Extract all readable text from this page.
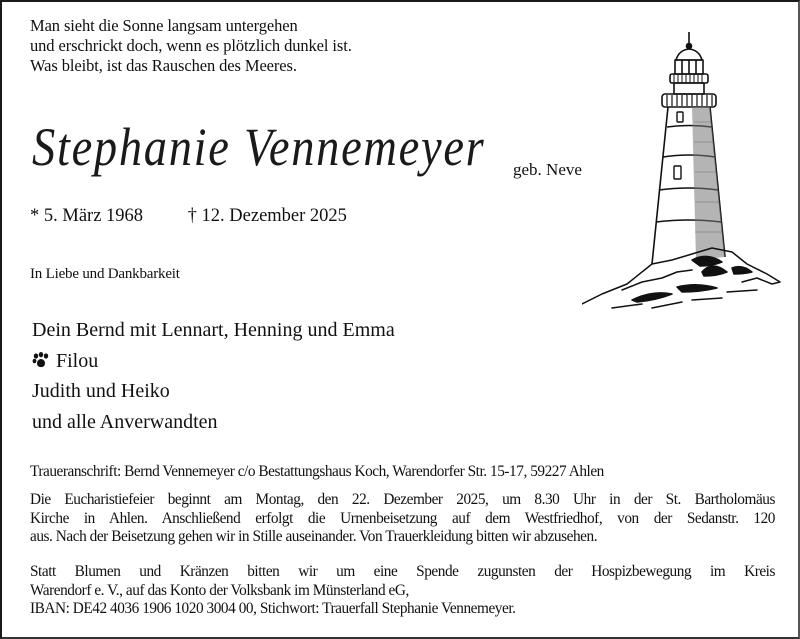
Man sieht die Sonne langsam untergehen
und erschrickt doch, wenn es plötzlich dunkel ist.
Was bleibt, ist das Rauschen des Meeres.
Stephanie Vennemeyer geb. Neve
* 5. März 1968 † 12. Dezember 2025
In Liebe und Dankbarkeit
Dein Bernd mit Lennart, Henning und Emma
Filou
Judith und Heiko
und alle Anverwandten
Traueranschrift: Bernd Vennemeyer c/o Bestattungshaus Koch, Warendorfer Str. 15-17, 59227 Ahlen
Die Eucharistiefeier beginnt am Montag, den 22. Dezember 2025, um 8.30 Uhr in der St. Bartholomäus
Kirche in Ahlen. Anschließend erfolgt die Urnenbeisetzung auf dem Westfriedhof, von der Sedanstr. 120
aus. Nach der Beisetzung gehen wir in Stille auseinander. Von Trauerkleidung bitten wir abzusehen.
Statt Blumen und Kränzen bitten wir um eine Spende zugunsten der Hospizbewegung im Kreis
Warendorf e. V., auf das Konto der Volksbank im Münsterland eG,
IBAN: DE42 4036 1906 1020 3004 00, Stichwort: Trauerfall Stephanie Vennemeyer.
